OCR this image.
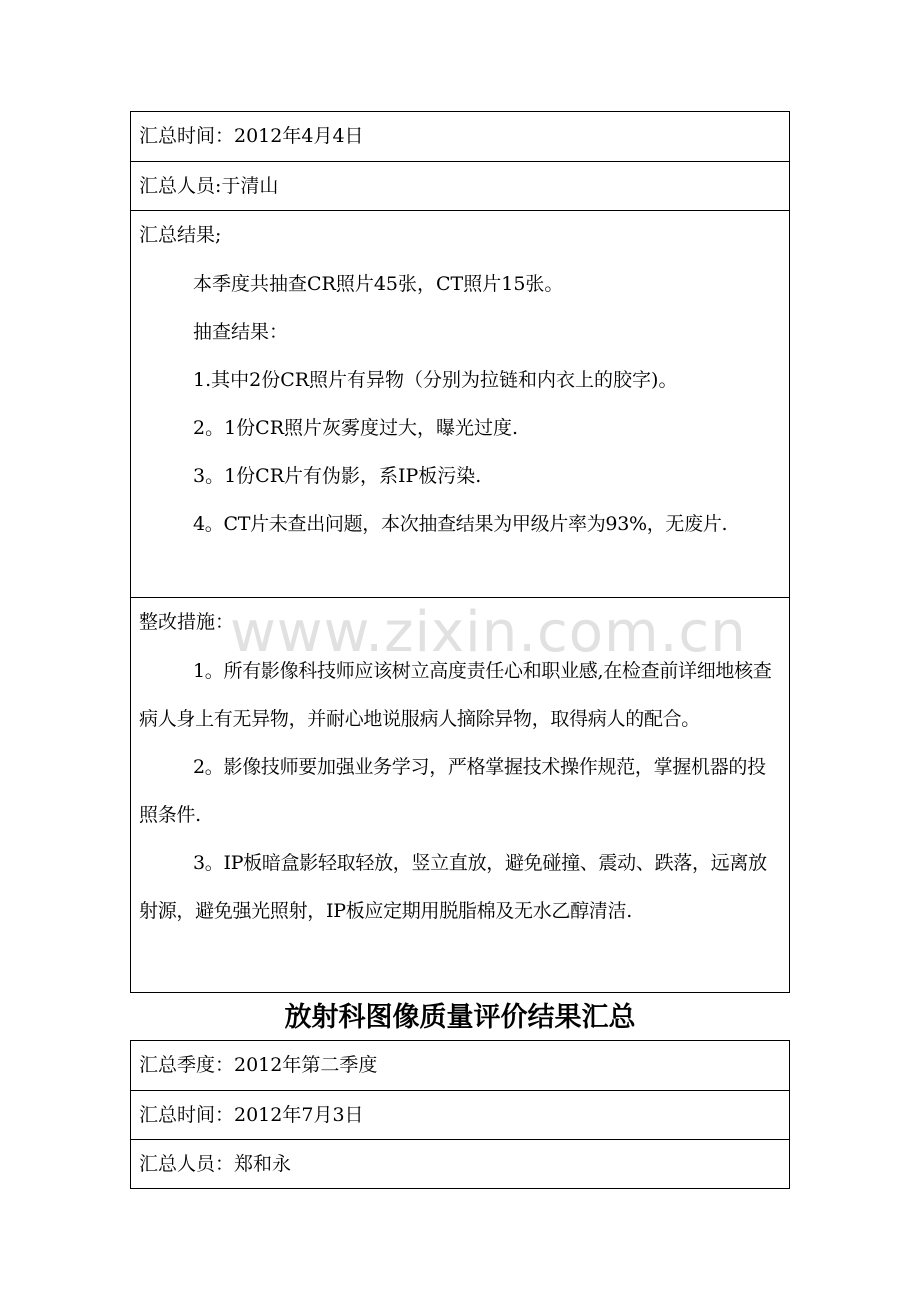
汇总时间：2012年4月4日
汇总人员:于清山
汇总结果;

本季度共抽查CR照片45张，CT照片15张。

抽查结果：

1.其中2份CR照片有异物（分别为拉链和内衣上的胶字)。

2。1份CR照片灰雾度过大，曝光过度.

3。1份CR片有伪影，系IP板污染.

4。CT片未查出问题，本次抽查结果为甲级片率为93%，无废片.

整改措施：

1。所有影像科技师应该树立高度责任心和职业感,在检查前详细地核查病人身上有无异物，并耐心地说服病人摘除异物，取得病人的配合。

2。影像技师要加强业务学习，严格掌握技术操作规范，掌握机器的投照条件.

3。IP板暗盒影轻取轻放，竖立直放，避免碰撞、震动、跌落，远离放射源，避免强光照射，IP板应定期用脱脂棉及无水乙醇清洁.

www.zixin.com.cn
放射科图像质量评价结果汇总
汇总季度：2012年第二季度
汇总时间：2012年7月3日
汇总人员：郑和永
